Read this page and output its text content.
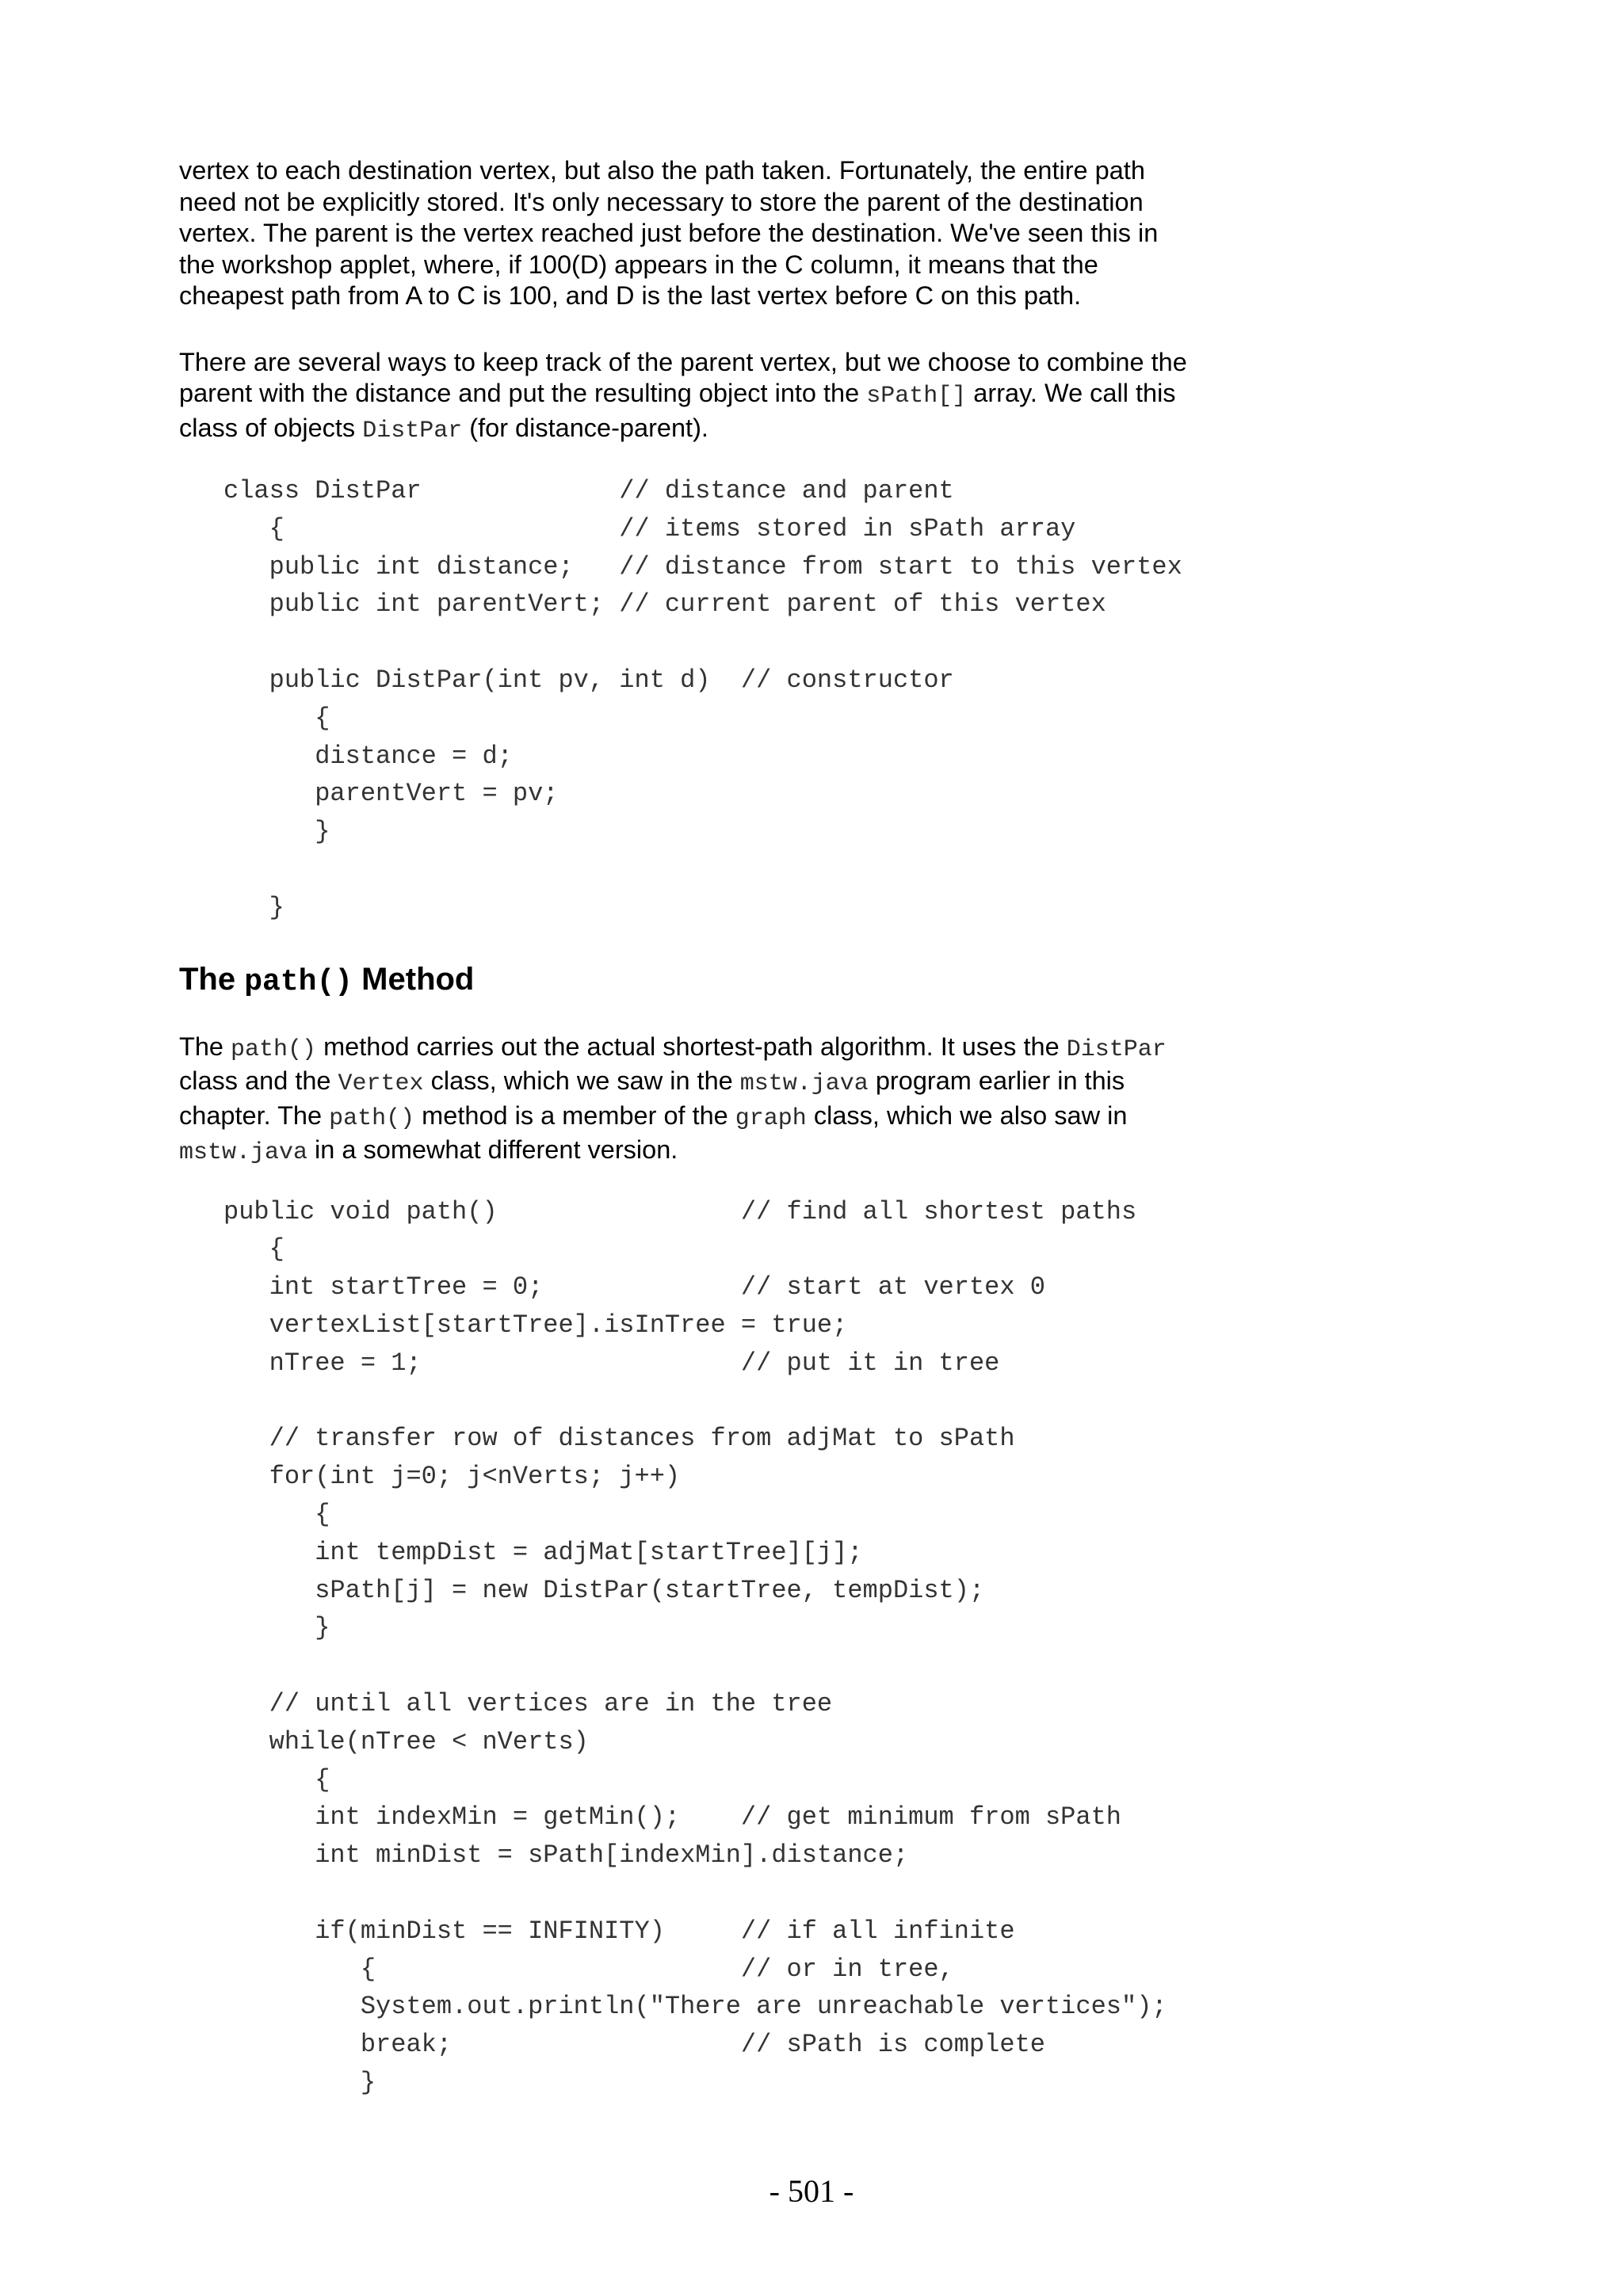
vertex to each destination vertex, but also the path taken. Fortunately, the entire path
need not be explicitly stored. It's only necessary to store the parent of the destination
vertex. The parent is the vertex reached just before the destination. We've seen this in
the workshop applet, where, if 100(D) appears in the C column, it means that the
cheapest path from A to C is 100, and D is the last vertex before C on this path.

There are several ways to keep track of the parent vertex, but we choose to combine the
parent with the distance and put the resulting object into the sPath[] array. We call this
class of objects DistPar (for distance-parent).

class DistPar             // distance and parent
{                      // items stored in sPath array
public int distance;   // distance from start to this vertex
public int parentVert; // current parent of this vertex

public DistPar(int pv, int d)  // constructor
{
distance = d;
parentVert = pv;
}

}
The path() Method

The path() method carries out the actual shortest-path algorithm. It uses the DistPar
class and the Vertex class, which we saw in the mstw.java program earlier in this
chapter. The path() method is a member of the graph class, which we also saw in
mstw.java in a somewhat different version.

public void path()                // find all shortest paths
{
int startTree = 0;             // start at vertex 0
vertexList[startTree].isInTree = true;
nTree = 1;                     // put it in tree

// transfer row of distances from adjMat to sPath
for(int j=0; j<nVerts; j++)
{
int tempDist = adjMat[startTree][j];
sPath[j] = new DistPar(startTree, tempDist);
}

// until all vertices are in the tree
while(nTree < nVerts)
{
int indexMin = getMin();    // get minimum from sPath
int minDist = sPath[indexMin].distance;

if(minDist == INFINITY)     // if all infinite
{                        // or in tree,
System.out.println("There are unreachable vertices");
break;                   // sPath is complete
}
- 501 -
